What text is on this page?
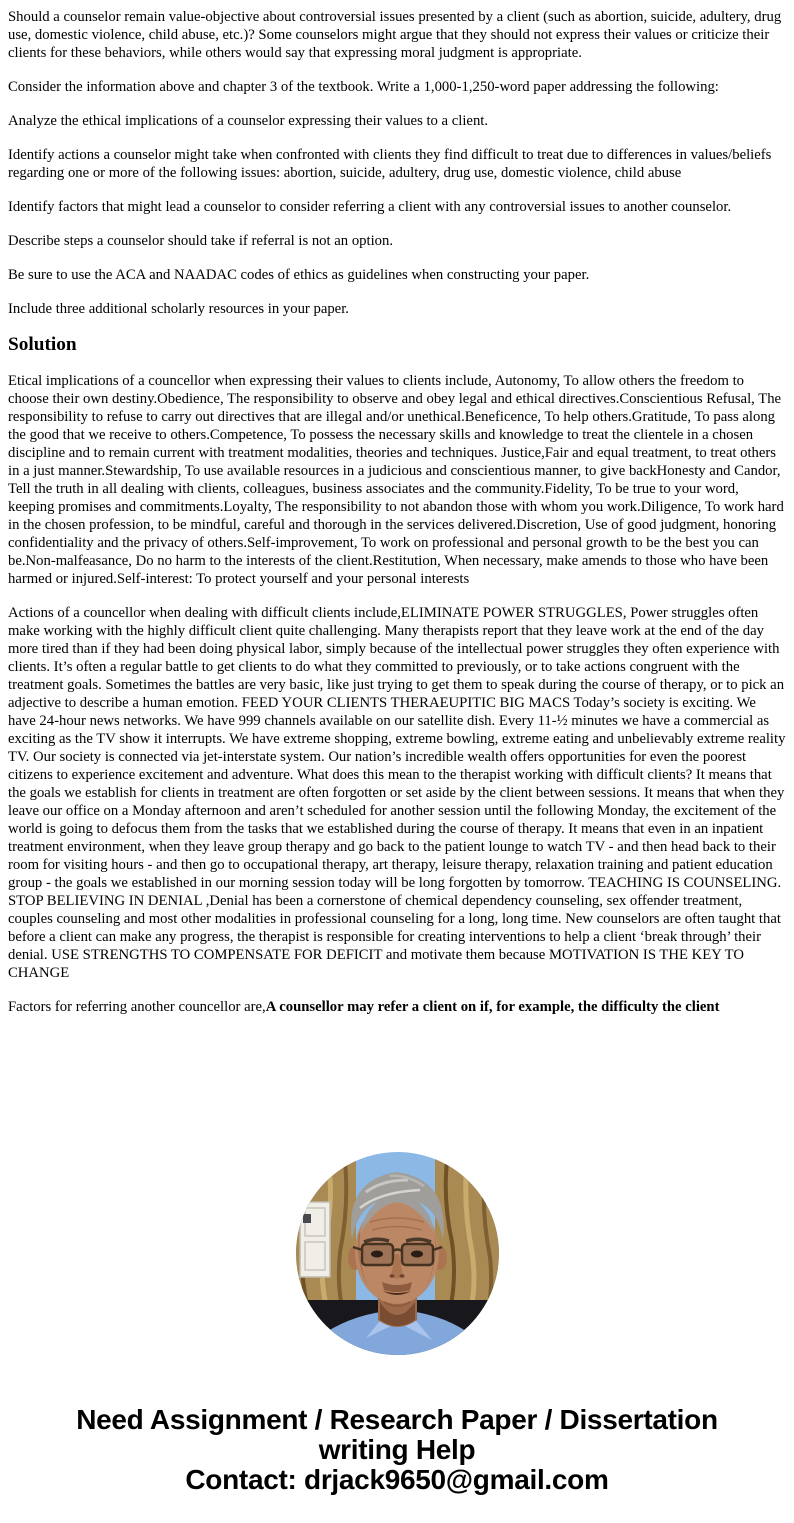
Should a counselor remain value-objective about controversial issues presented by a client (such as abortion, suicide, adultery, drug use, domestic violence, child abuse, etc.)? Some counselors might argue that they should not express their values or criticize their clients for these behaviors, while others would say that expressing moral judgment is appropriate.

Consider the information above and chapter 3 of the textbook. Write a 1,000-1,250-word paper addressing the following:

Analyze the ethical implications of a counselor expressing their values to a client.

Identify actions a counselor might take when confronted with clients they find difficult to treat due to differences in values/beliefs regarding one or more of the following issues: abortion, suicide, adultery, drug use, domestic violence, child abuse

Identify factors that might lead a counselor to consider referring a client with any controversial issues to another counselor.

Describe steps a counselor should take if referral is not an option.

Be sure to use the ACA and NAADAC codes of ethics as guidelines when constructing your paper.

Include three additional scholarly resources in your paper.

Solution

Etical implications of a councellor when expressing their values to clients include, Autonomy, To allow others the freedom to choose their own destiny.Obedience, The responsibility to observe and obey legal and ethical directives.Conscientious Refusal, The responsibility to refuse to carry out directives that are illegal and/or unethical.Beneficence, To help others.Gratitude, To pass along the good that we receive to others.Competence, To possess the necessary skills and knowledge to treat the clientele in a chosen discipline and to remain current with treatment modalities, theories and techniques. Justice,Fair and equal treatment, to treat others in a just manner.Stewardship, To use available resources in a judicious and conscientious manner, to give backHonesty and Candor, Tell the truth in all dealing with clients, colleagues, business associates and the community.Fidelity, To be true to your word, keeping promises and commitments.Loyalty, The responsibility to not abandon those with whom you work.Diligence, To work hard in the chosen profession, to be mindful, careful and thorough in the services delivered.Discretion, Use of good judgment, honoring confidentiality and the privacy of others.Self-improvement, To work on professional and personal growth to be the best you can be.Non-malfeasance, Do no harm to the interests of the client.Restitution, When necessary, make amends to those who have been harmed or injured.Self-interest: To protect yourself and your personal interests

Actions of a councellor when dealing with difficult clients include,ELIMINATE POWER STRUGGLES, Power struggles often make working with the highly difficult client quite challenging. Many therapists report that they leave work at the end of the day more tired than if they had been doing physical labor, simply because of the intellectual power struggles they often experience with clients. It’s often a regular battle to get clients to do what they committed to previously, or to take actions congruent with the treatment goals. Sometimes the battles are very basic, like just trying to get them to speak during the course of therapy, or to pick an adjective to describe a human emotion. FEED YOUR CLIENTS THERAEUPITIC BIG MACS Today’s society is exciting. We have 24-hour news networks. We have 999 channels available on our satellite dish. Every 11-½ minutes we have a commercial as exciting as the TV show it interrupts. We have extreme shopping, extreme bowling, extreme eating and unbelievably extreme reality TV. Our society is connected via jet-interstate system. Our nation’s incredible wealth offers opportunities for even the poorest citizens to experience excitement and adventure. What does this mean to the therapist working with difficult clients? It means that the goals we establish for clients in treatment are often forgotten or set aside by the client between sessions. It means that when they leave our office on a Monday afternoon and aren’t scheduled for another session until the following Monday, the excitement of the world is going to defocus them from the tasks that we established during the course of therapy. It means that even in an inpatient treatment environment, when they leave group therapy and go back to the patient lounge to watch TV - and then head back to their room for visiting hours - and then go to occupational therapy, art therapy, leisure therapy, relaxation training and patient education group - the goals we established in our morning session today will be long forgotten by tomorrow. TEACHING IS COUNSELING. STOP BELIEVING IN DENIAL ,Denial has been a cornerstone of chemical dependency counseling, sex offender treatment, couples counseling and most other modalities in professional counseling for a long, long time. New counselors are often taught that before a client can make any progress, the therapist is responsible for creating interventions to help a client ‘break through’ their denial. USE STRENGTHS TO COMPENSATE FOR DEFICIT and motivate them because MOTIVATION IS THE KEY TO CHANGE

Factors for referring another councellor are,A counsellor may refer a client on if, for example, the difficulty the client

Need Assignment / Research Paper / Dissertation
writing Help
Contact: drjack9650@gmail.com
